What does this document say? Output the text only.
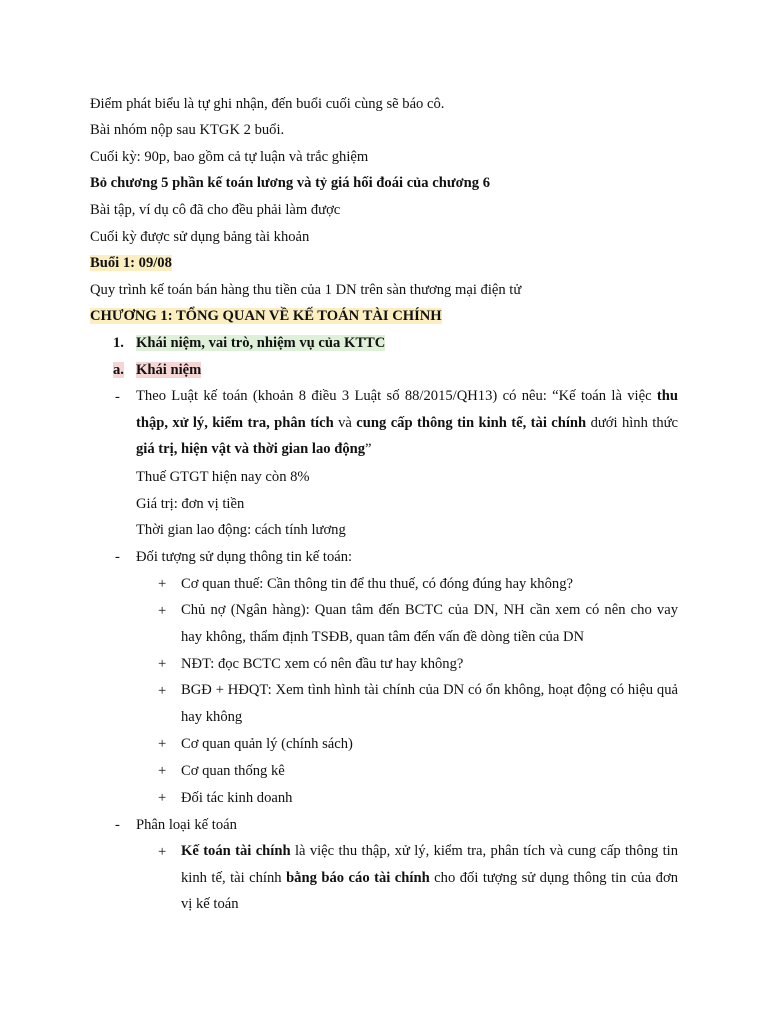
Điểm phát biểu là tự ghi nhận, đến buổi cuối cùng sẽ báo cô.
Bài nhóm nộp sau KTGK 2 buổi.
Cuối kỳ: 90p, bao gồm cả tự luận và trắc ghiệm
Bỏ chương 5 phần kế toán lương và tỷ giá hối đoái của chương 6
Bài tập, ví dụ cô đã cho đều phải làm được
Cuối kỳ được sử dụng bảng tài khoản
Buổi 1: 09/08
Quy trình kế toán bán hàng thu tiền của 1 DN trên sàn thương mại điện tử
CHƯƠNG 1: TỔNG QUAN VỀ KẾ TOÁN TÀI CHÍNH
1. Khái niệm, vai trò, nhiệm vụ của KTTC
a. Khái niệm
- Theo Luật kế toán (khoản 8 điều 3 Luật số 88/2015/QH13) có nêu: “Kế toán là việc thu thập, xử lý, kiểm tra, phân tích và cung cấp thông tin kinh tế, tài chính dưới hình thức giá trị, hiện vật và thời gian lao động”
Thuế GTGT hiện nay còn 8%
Giá trị: đơn vị tiền
Thời gian lao động: cách tính lương
- Đối tượng sử dụng thông tin kế toán:
+ Cơ quan thuế: Cần thông tin để thu thuế, có đóng đúng hay không?
+ Chủ nợ (Ngân hàng): Quan tâm đến BCTC của DN, NH cần xem có nên cho vay hay không, thẩm định TSĐB, quan tâm đến vấn đề dòng tiền của DN
+ NĐT: đọc BCTC xem có nên đầu tư hay không?
+ BGĐ + HĐQT: Xem tình hình tài chính của DN có ổn không, hoạt động có hiệu quả hay không
+ Cơ quan quản lý (chính sách)
+ Cơ quan thống kê
+ Đối tác kinh doanh
- Phân loại kế toán
+ Kế toán tài chính là việc thu thập, xử lý, kiểm tra, phân tích và cung cấp thông tin kinh tế, tài chính bằng báo cáo tài chính cho đối tượng sử dụng thông tin của đơn vị kế toán
